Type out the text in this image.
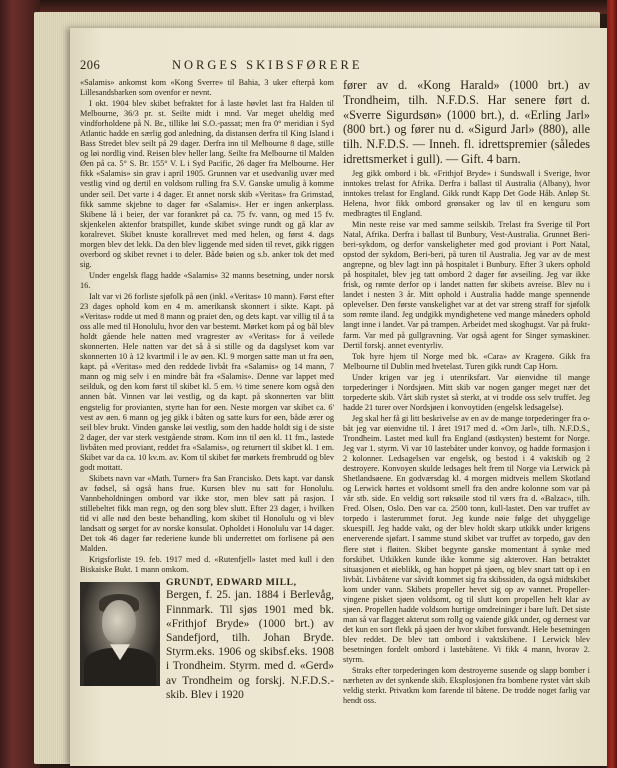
206	NORGES SKIBSFØRERE

«Salamis» ankomst kom «Kong Sverre» til Bahia, 3 uker efterpå kom Lillesandsbarken som ovenfor er nevnt.

I okt. 1904 blev skibet befraktet for å laste høvlet last fra Halden til Melbourne, 36/3 pr. st. Seilte midt i mnd. Var meget uheldig med vindforholdene på N. Br., tillike løi S.O.-passat; men fra 0° meridian i Syd Atlantic hadde en særlig god anledning, da distansen derfra til King Island i Bass Stredet blev seilt på 29 dager. Derfra inn til Melbourne 8 dage, stille og løi nordlig vind. Reisen blev heller lang. Seilte fra Melbourne til Malden Øen på ca. 5° S. Br. 155° V. L i Syd Pacific, 26 dager fra Melbourne. Her fikk «Salamis» sin grav i april 1905. Grunnen var et usedvanlig uvær med vestlig vind og dertil en voldsom rulling fra S.V. Ganske umulig å komme under seil. Det varte i 4 dager. Et annet norsk skib «Veritas» fra Grimstad, fikk samme skjebne to dager før «Salamis». Her er ingen ankerplass. Skibene lå i beier, der var forankret på ca. 75 fv. vann, og med 15 fv. skjenkelen aktenfor bratspillet, kunde skibet svinge rundt og gå klar av koralrevet. Skibet knuste korallrevet med med helen, og først 4. dags morgen blev det lekk. Da den blev liggende med siden til revet, gikk riggen overbord og skibet revnet i to deler. Både bøien og s.b. anker tok det med sig.

Under engelsk flagg hadde «Salamis» 32 manns besetning, under norsk 16.

Ialt var vi 26 forliste sjøfolk på øen (inkl. «Veritas» 10 mann). Først efter 23 dages ophold kom en 4 m. amerikansk skonnert i sikte. Kapt. på «Veritas» rodde ut med 8 mann og praiet den, og dets kapt. var villig til å ta oss alle med til Honolulu, hvor den var bestemt. Mørket kom på og bål blev holdt gående hele natten med vragrester av «Veritas» for å veilede skonnerten. Hele natten var det så å si stille og da dagslyset kom var skonnerten 10 à 12 kvartmil i le av øen. Kl. 9 morgen satte man ut fra øen, kapt. på «Veritas» med den reddede livbåt fra «Salamis» og 14 mann, 7 mann og mig selv i en mindre båt fra «Salamis». Denne var lappet med seilduk, og den kom først til skibet kl. 5 em. ½ time senere kom også den annen båt. Vinnen var løi vestlig, og da kapt. på skonnerten var blitt engstelig for provianten, styrte han for øen. Neste morgen var skibet ca. 6' vest av øen. 6 mann og jeg gikk i båten og satte kurs for øen, både ærer og seil blev brukt. Vinden ganske løi vestlig, som den hadde holdt sig i de siste 2 dager, der var sterk vestgående strøm. Kom inn til øen kl. 11 fm., lastede livbåten med proviant, reddet fra «Salamis», og returnert til skibet kl. 1 em. Skibet var da ca. 10 kv.m. av. Kom til skibet før mørkets frembrudd og blev godt mottatt.

Skibets navn var «Math. Turner» fra San Francisko. Dets kapt. var dansk av fødsel, så også hans frue. Kursen blev nu satt for Honolulu. Vannbeholdningen ombord var ikke stor, men blev satt på rasjon. I stillebeltet fikk man regn, og den sorg blev slutt. Efter 23 dager, i hvilken tid vi alle nød den beste behandling, kom skibet til Honolulu og vi blev landsatt og sørget for av norske konsulat. Opholdet i Honolulu var 14 dager. Det tok 46 dager før rederiene kunde bli underrettet om forlisene på øen Malden.

Krigsforliste 19. feb. 1917 med d. «Rutenfjell» lastet med kull i den Biskaiske Bukt. 1 mann omkom.

GRUNDT, EDWARD MILL,
Bergen, f. 25. jan. 1884 i Berlevåg, Finnmark. Til sjøs 1901 med bk. «Frithjof Bryde» (1000 brt.) av Sandefjord, tilh. Johan Bryde. Styrm.eks. 1906 og skibsf.eks. 1908 i Trondheim. Styrm. med d. «Gerd» av Trondheim og forskj. N.F.D.S.-skib. Blev i 1920

fører av d. «Kong Harald» (1000 brt.) av Trondheim, tilh. N.F.D.S. Har senere ført d. «Sverre Sigurdsøn» (1000 brt.), d. «Erling Jarl» (800 brt.) og fører nu d. «Sigurd Jarl» (880), alle tilh. N.F.D.S. — Inneh. fl. idrettspremier (således idrettsmerket i gull). — Gift. 4 barn.

Jeg gikk ombord i bk. «Frithjof Bryde» i Sundswall i Sverige, hvor inntokes trelast for Afrika. Derfra i ballast til Australia (Albany), hvor inntokes trelast for England. Gikk rundt Kapp Det Gode Håb. Anløp St. Helena, hvor fikk ombord grønsaker og lav til en kenguru som medbragtes til England.

Min neste reise var med samme seilskib. Trelast fra Sverige til Port Natal, Afrika. Derfra i ballast til Bunbury, Vest-Australia. Grunnet Beri-beri-sykdom, og derfor vanskeligheter med god proviant i Port Natal, opstod der sykdom, Beri-beri, på turen til Australia. Jeg var av de mest angrepne, og blev lagt inn på hospitalet i Bunbury. Efter 3 ukers ophold på hospitalet, blev jeg tatt ombord 2 dager før avseiling. Jeg var ikke frisk, og rømte derfor op i landet natten før skibets avreise. Blev nu i landet i nesten 3 år. Mitt ophold i Australia hadde mange spennende oplevelser. Den første vanskelighet var at det var streng straff for sjøfolk som rømte iland. Jeg undgikk myndighetene ved mange måneders ophold langt inne i landet. Var på trampen. Arbeidet med skoghugst. Var på frukt-farm. Var med på gullgravning. Var også agent for Singer symaskiner. Dertil forskj. annet eventyrliv.

Tok hyre hjem til Norge med bk. «Cara» av Kragerø. Gikk fra Melbourne til Dublin med hvetelast. Turen gikk rundt Cap Horn.

Under krigen var jeg i utenriksfart. Var øienvidne til mange torpederinger i Nordsjøen. Mitt skib var nogen ganger meget nær det torpederte skib. Vårt skib rystet så sterkt, at vi trodde oss selv truffet. Jeg hadde 21 turer over Nordsjøen i konvoytiden (engelsk ledsagelse).

Jeg skal her få gi litt beskrivelse av en av de mange torpederinger fra o-båt jeg var øienvidne til. I året 1917 med d. «Orn Jarl», tilh. N.F.D.S., Trondheim. Lastet med kull fra England (østkysten) bestemt for Norge. Jeg var 1. styrm. Vi var 10 lastebåter under konvoy, og hadde formasjon i 2 kolonner. Ledsagelsen var engelsk, og bestod i 4 vaktskib og 2 destroyere. Konvoyen skulde ledsages helt frem til Norge via Lerwick på Shetlandsøene. En godværsdag kl. 4 morgen midtveis mellem Skotland og Lerwick hørtes et voldsomt smell fra den andre kolonne som var på vår stb. side. En veldig sort røksøile stod til værs fra d. «Balzac», tilh. Fred. Olsen, Oslo. Den var ca. 2500 tonn, kull-lastet. Den var truffet av torpedo i lasterummet forut. Jeg kunde nøie følge det uhyggelige skuespill. Jeg hadde vakt, og der blev holdt skarp utkikk under krigens enerverende sjøfart. I samme stund skibet var truffet av torpedo, gav den flere støt i fløiten. Skibet begynte ganske momentant å synke med forskibet. Utkikken kunde ikke komme sig akterover. Han betraktet situasjonen et øieblikk, og han hoppet på sjøen, og blev snart tatt op i en livbåt. Livbåtene var såvidt kommet sig fra skibssiden, da også midtskibet kom under vann. Skibets propeller hevet sig op av vannet. Propeller-vingene pisket sjøen voldsomt, og til slutt kom propellen helt klar av sjøen. Propellen hadde voldsom hurtige omdreininger i bare luft. Det siste man så var flagget akterut som rollg og vaiende gikk under, og dernest var det kun en sort flekk på sjøen der hvor skibet forsvandt. Hele besetningen blev reddet. De blev tatt ombord i vaktskibene. I Lerwick blev besetningen fordelt ombord i lastebåtene. Vi fikk 4 mann, hvorav 2. styrm.

Straks efter torpederingen kom destroyerne susende og slapp bomber i nærheten av det synkende skib. Eksplosjonen fra bombene rystet vårt skib veldig sterkt. Privatkm kom farende til båtene. De trodde noget farlig var hendt oss.
